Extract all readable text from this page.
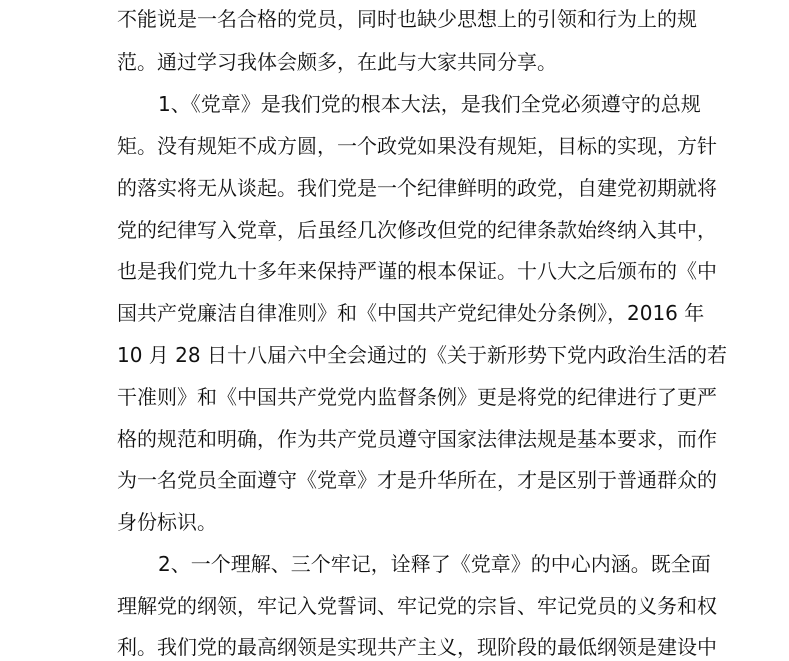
不能说是一名合格的党员，同时也缺少思想上的引领和行为上的规
范。通过学习我体会颇多，在此与大家共同分享。
1、《党章》是我们党的根本大法，是我们全党必须遵守的总规
矩。没有规矩不成方圆，一个政党如果没有规矩，目标的实现，方针
的落实将无从谈起。我们党是一个纪律鲜明的政党，自建党初期就将
党的纪律写入党章，后虽经几次修改但党的纪律条款始终纳入其中，
也是我们党九十多年来保持严谨的根本保证。十八大之后颁布的《中
国共产党廉洁自律准则》和《中国共产党纪律处分条例》，2016 年
10 月 28 日十八届六中全会通过的《关于新形势下党内政治生活的若
干准则》和《中国共产党党内监督条例》更是将党的纪律进行了更严
格的规范和明确，作为共产党员遵守国家法律法规是基本要求，而作
为一名党员全面遵守《党章》才是升华所在，才是区别于普通群众的
身份标识。
2、一个理解、三个牢记，诠释了《党章》的中心内涵。既全面
理解党的纲领，牢记入党誓词、牢记党的宗旨、牢记党员的义务和权
利。我们党的最高纲领是实现共产主义，现阶段的最低纲领是建设中
